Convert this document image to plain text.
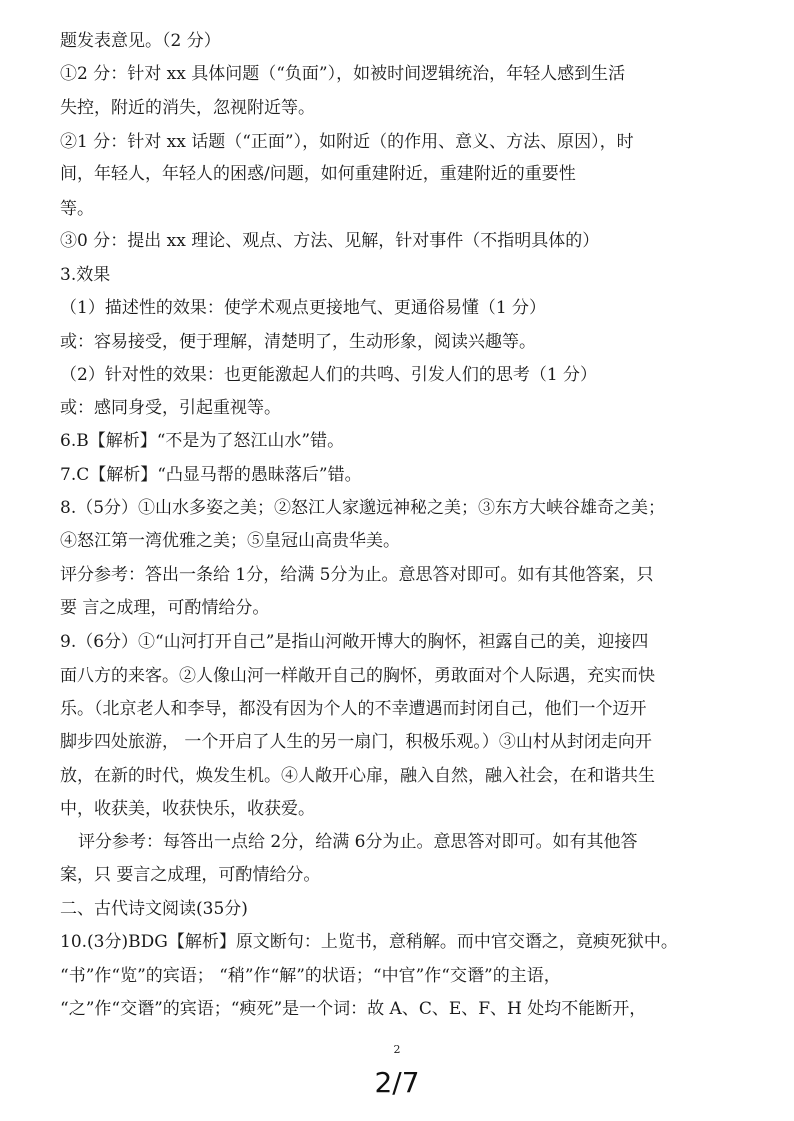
题发表意见。（2 分）
①2 分：针对 xx 具体问题（“负面”），如被时间逻辑统治，年轻人感到生活
失控，附近的消失，忽视附近等。
②1 分：针对 xx 话题（“正面”），如附近（的作用、意义、方法、原因），时
间，年轻人，年轻人的困惑/问题，如何重建附近，重建附近的重要性
等。
③0 分：提出 xx 理论、观点、方法、见解，针对事件（不指明具体的）
3.效果
（1）描述性的效果：使学术观点更接地气、更通俗易懂（1 分）
或：容易接受，便于理解，清楚明了，生动形象，阅读兴趣等。
（2）针对性的效果：也更能激起人们的共鸣、引发人们的思考（1 分）
或：感同身受，引起重视等。
6.B【解析】“不是为了怒江山水”错。
7.C【解析】“凸显马帮的愚昧落后”错。
8.（5分）①山水多姿之美；②怒江人家邈远神秘之美；③东方大峡谷雄奇之美；
④怒江第一湾优雅之美；⑤皇冠山高贵华美。
评分参考：答出一条给 1分，给满 5分为止。意思答对即可。如有其他答案，只
要 言之成理，可酌情给分。
9.（6分）①“山河打开自己”是指山河敞开博大的胸怀，袒露自己的美，迎接四
面八方的来客。②人像山河一样敞开自己的胸怀，勇敢面对个人际遇，充实而快
乐。（北京老人和李导，都没有因为个人的不幸遭遇而封闭自己，他们一个迈开
脚步四处旅游， 一个开启了人生的另一扇门，积极乐观。）③山村从封闭走向开
放，在新的时代，焕发生机。④人敞开心扉，融入自然，融入社会，在和谐共生
中，收获美，收获快乐，收获爱。
评分参考：每答出一点给 2分，给满 6分为止。意思答对即可。如有其他答
案，只 要言之成理，可酌情给分。
二、古代诗文阅读(35分)
10.(3分)BDG【解析】原文断句：上览书，意稍解。而中官交谮之，竟瘐死狱中。
“书”作“览”的宾语； “稍”作“解”的状语；“中官”作“交谮”的主语，
“之”作“交谮”的宾语；“瘐死”是一个词：故 A、C、E、F、H 处均不能断开，
2
2/7
